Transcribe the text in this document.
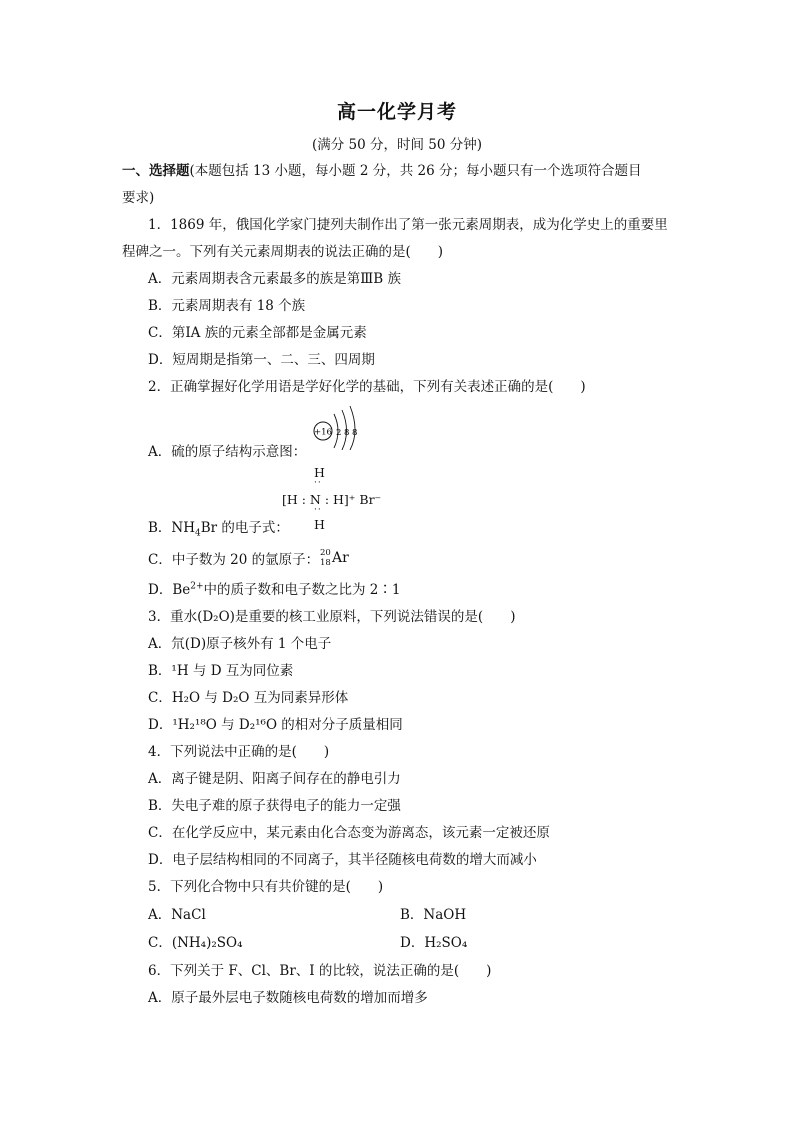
高一化学月考
(满分 50 分，时间 50 分钟)
一、选择题(本题包括 13 小题，每小题 2 分，共 26 分；每小题只有一个选项符合题目
要求)
1．1869 年，俄国化学家门捷列夫制作出了第一张元素周期表，成为化学史上的重要里
程碑之一。下列有关元素周期表的说法正确的是(　　)
A．元素周期表含元素最多的族是第ⅢB 族
B．元素周期表有 18 个族
C．第ⅠA 族的元素全部都是金属元素
D．短周期是指第一、二、三、四周期
2．正确掌握好化学用语是学好化学的基础，下列有关表述正确的是(　　)
+16 2 8 8
A．硫的原子结构示意图：
H
··
[H : N : H]⁺ Br⁻
··
H
B．$NH_4Br$ 的电子式：
C．中子数为 20 的氩原子： 20
18 Ar
D．$Be^{2+}$中的质子数和电子数之比为 2∶1
3．重水(D₂O)是重要的核工业原料，下列说法错误的是(　　)
A．氘(D)原子核外有 1 个电子
B．¹H 与 D 互为同位素
C．H₂O 与 D₂O 互为同素异形体
D．¹H₂¹⁸O 与 D₂¹⁶O 的相对分子质量相同
4．下列说法中正确的是(　　)
A．离子键是阴、阳离子间存在的静电引力
B．失电子难的原子获得电子的能力一定强
C．在化学反应中，某元素由化合态变为游离态，该元素一定被还原
D．电子层结构相同的不同离子，其半径随核电荷数的增大而减小
5．下列化合物中只有共价键的是(　　)
A．NaCl	B．NaOH
C．(NH₄)₂SO₄	D．H₂SO₄
6．下列关于 F、Cl、Br、I 的比较，说法正确的是(　　)
A．原子最外层电子数随核电荷数的增加而增多
